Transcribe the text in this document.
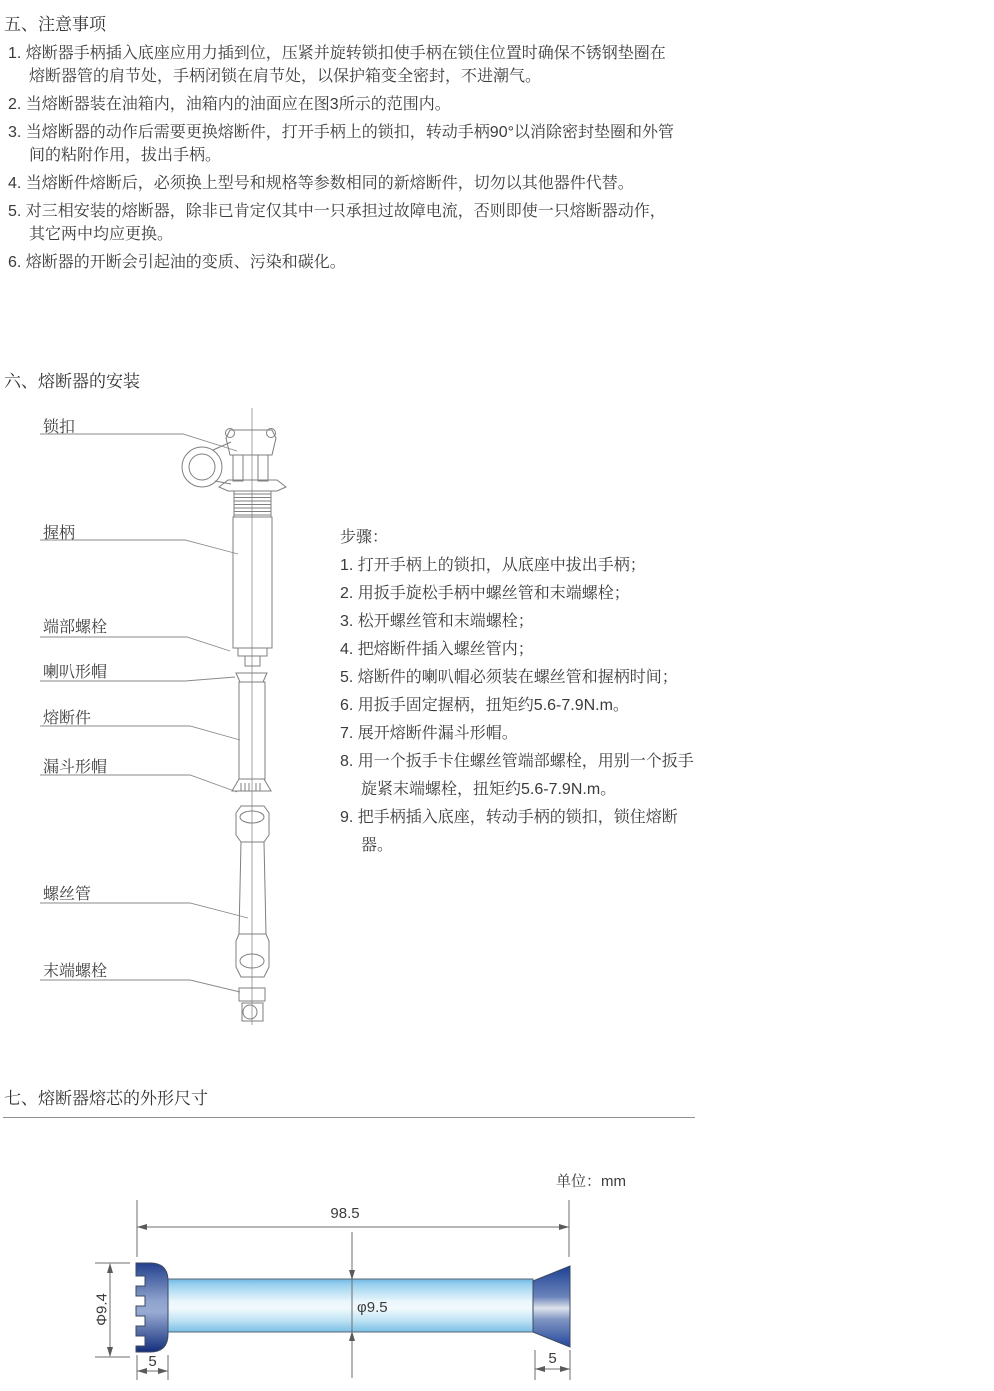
五、注意事项
1. 熔断器手柄插入底座应用力插到位，压紧并旋转锁扣使手柄在锁住位置时确保不锈钢垫圈在熔断器管的肩节处，手柄闭锁在肩节处，以保护箱变全密封，不进潮气。
2. 当熔断器装在油箱内，油箱内的油面应在图3所示的范围内。
3. 当熔断器的动作后需要更换熔断件，打开手柄上的锁扣，转动手柄90°以消除密封垫圈和外管间的粘附作用，拔出手柄。
4. 当熔断件熔断后，必须换上型号和规格等参数相同的新熔断件，切勿以其他器件代替。
5. 对三相安装的熔断器，除非已肯定仅其中一只承担过故障电流，否则即使一只熔断器动作，其它两中均应更换。
6. 熔断器的开断会引起油的变质、污染和碳化。
六、熔断器的安装
锁扣
握柄
端部螺栓
喇叭形帽
熔断件
漏斗形帽
螺丝管
末端螺栓
步骤：
1. 打开手柄上的锁扣，从底座中拔出手柄；
2. 用扳手旋松手柄中螺丝管和末端螺栓；
3. 松开螺丝管和末端螺栓；
4. 把熔断件插入螺丝管内；
5. 熔断件的喇叭帽必须装在螺丝管和握柄时间；
6. 用扳手固定握柄，扭矩约5.6-7.9N.m。
7. 展开熔断件漏斗形帽。
8. 用一个扳手卡住螺丝管端部螺栓，用别一个扳手旋紧末端螺栓，扭矩约5.6-7.9N.m。
9. 把手柄插入底座，转动手柄的锁扣，锁住熔断器。
七、熔断器熔芯的外形尺寸
单位：mm
98.5
Φ9.4	φ9.5
5	5
